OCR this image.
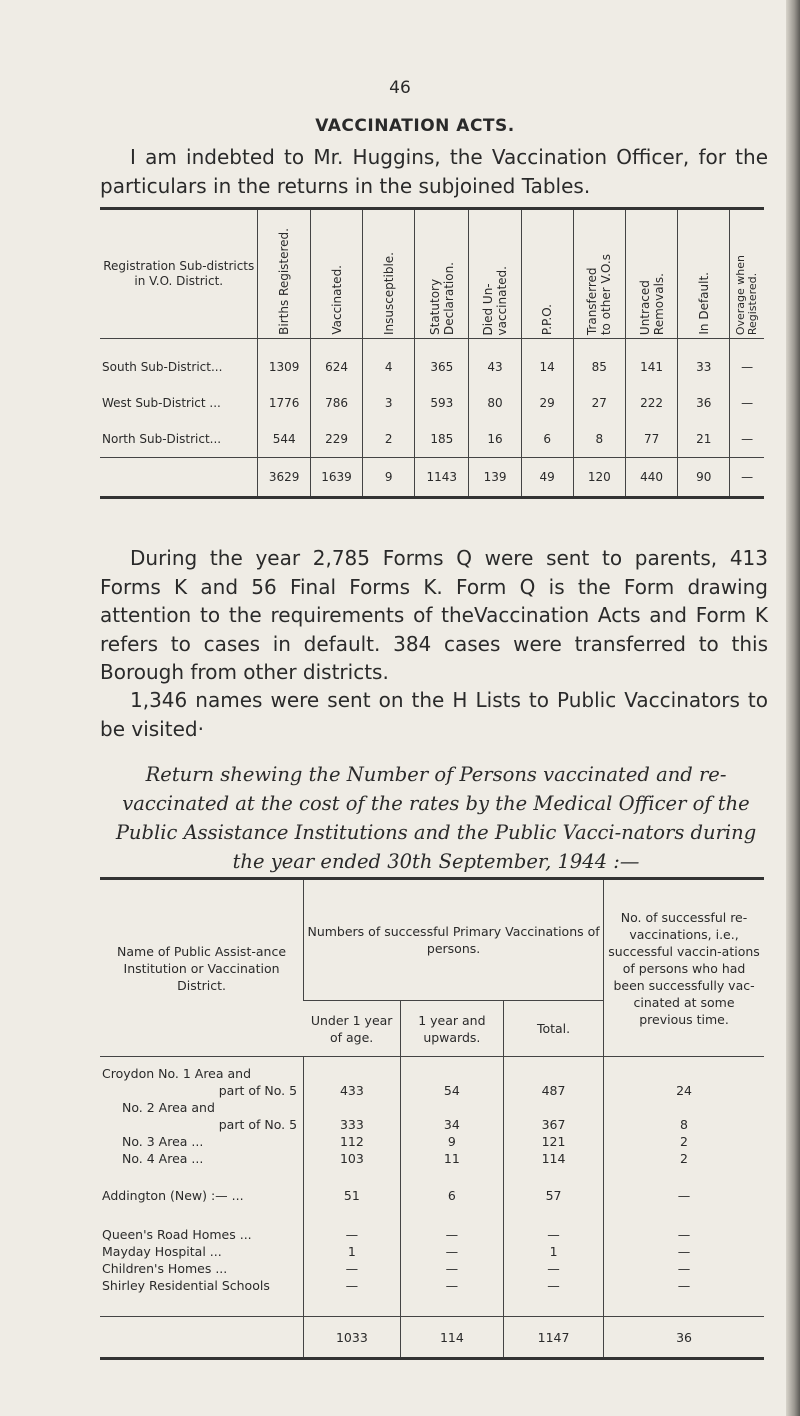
46
VACCINATION ACTS.
I am indebted to Mr. Huggins, the Vaccination Officer, for the particulars in the returns in the subjoined Tables.
Registration Sub-districts in V.O. District.	Births Registered.	Vaccinated.	Insusceptible.	Statutory
Declaration.	Died Un-
vaccinated.	P.P.O.	Transferred
to other V.O.s	Untraced
Removals.	In Default.	Overage when
Registered.
South Sub-District...	1309	624	4	365	43	14	85	141	33	—
West Sub-District ...	1776	786	3	593	80	29	27	222	36	—
North Sub-District...	544	229	2	185	16	6	8	77	21	—
	3629	1639	9	1143	139	49	120	440	90	—
During the year 2,785 Forms Q were sent to parents, 413 Forms K and 56 Final Forms K. Form Q is the Form drawing attention to the requirements of theVaccination Acts and Form K refers to cases in default. 384 cases were transferred to this Borough from other districts.
1,346 names were sent on the H Lists to Public Vaccinators to be visited·
Return shewing the Number of Persons vaccinated and re-vaccinated at the cost of the rates by the Medical Officer of the Public Assistance Institutions and the Public Vacci-nators during the year ended 30th September, 1944 :—
Name of Public Assist-ance Institution or Vaccination District.	Numbers of successful Primary Vaccinations of persons.			No. of successful re-vaccinations, i.e., successful vaccin-ations of persons who had been successfully vac-cinated at some previous time.
	Under 1 year of age.	1 year and upwards.	Total.	
Croydon No. 1 Area and				
part of No. 5	433	54	487	24
No. 2 Area and				
part of No. 5	333	34	367	8
No. 3 Area ...	112	9	121	2
No. 4 Area ...	103	11	114	2
Addington (New) :— ...	51	6	57	—
Queen's Road Homes ...	—	—	—	—
Mayday Hospital ...	1	—	1	—
Children's Homes ...	—	—	—	—
Shirley Residential Schools	—	—	—	—

	1033	114	1147	36
